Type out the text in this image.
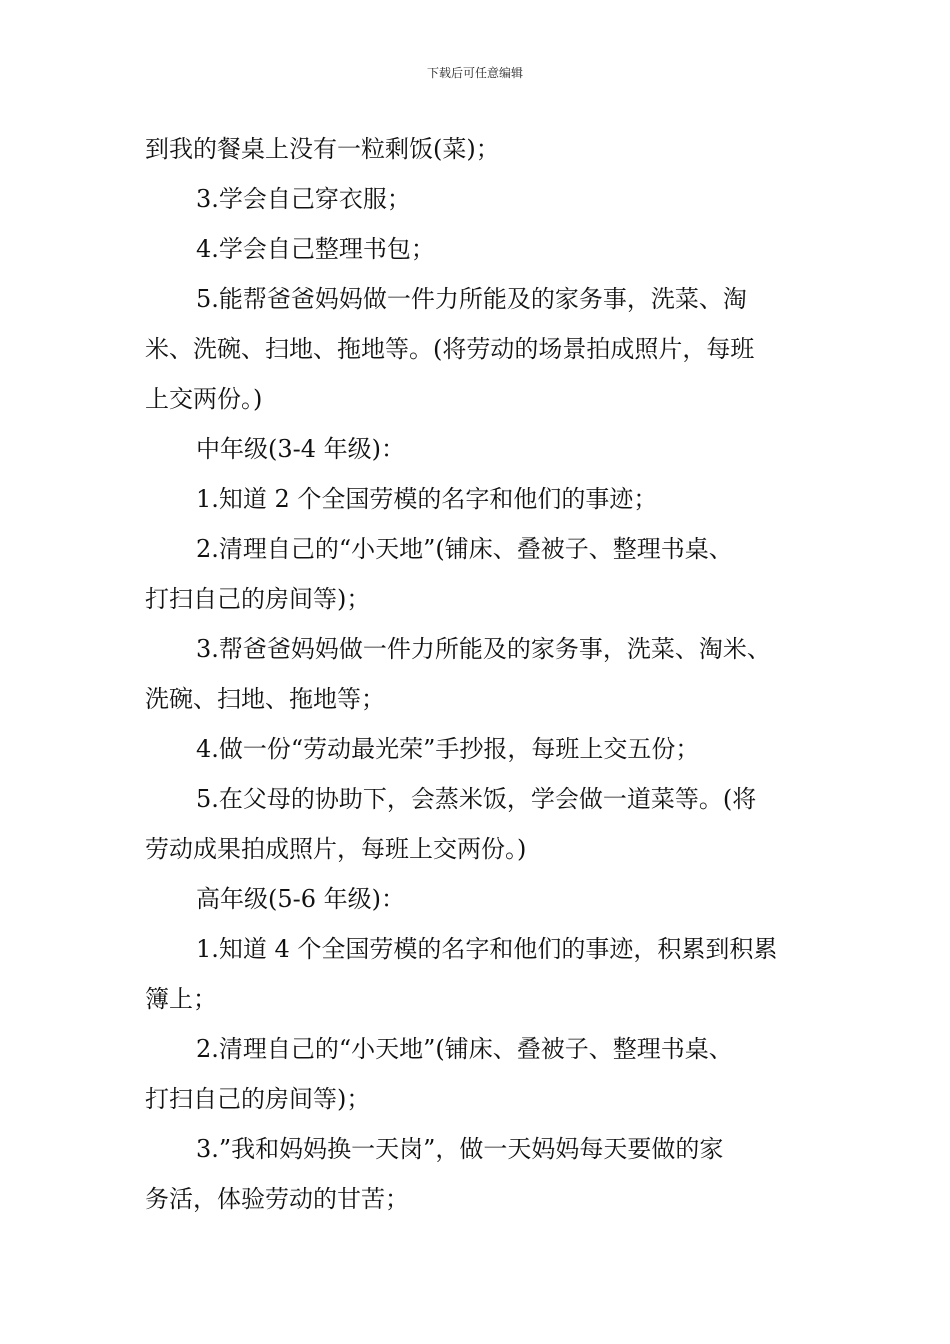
下载后可任意编辑

到我的餐桌上没有一粒剩饭(菜)；

3.学会自己穿衣服；

4.学会自己整理书包；

5.能帮爸爸妈妈做一件力所能及的家务事，洗菜、淘

米、洗碗、扫地、拖地等。(将劳动的场景拍成照片，每班

上交两份。)

中年级(3-4 年级)：

1.知道 2 个全国劳模的名字和他们的事迹；

2.清理自己的“小天地”(铺床、叠被子、整理书桌、

打扫自己的房间等)；

3.帮爸爸妈妈做一件力所能及的家务事，洗菜、淘米、

洗碗、扫地、拖地等；

4.做一份“劳动最光荣”手抄报，每班上交五份；

5.在父母的协助下，会蒸米饭，学会做一道菜等。(将

劳动成果拍成照片，每班上交两份。)

高年级(5-6 年级)：

1.知道 4 个全国劳模的名字和他们的事迹，积累到积累

簿上；

2.清理自己的“小天地”(铺床、叠被子、整理书桌、

打扫自己的房间等)；

3.”我和妈妈换一天岗”，做一天妈妈每天要做的家

务活，体验劳动的甘苦；
